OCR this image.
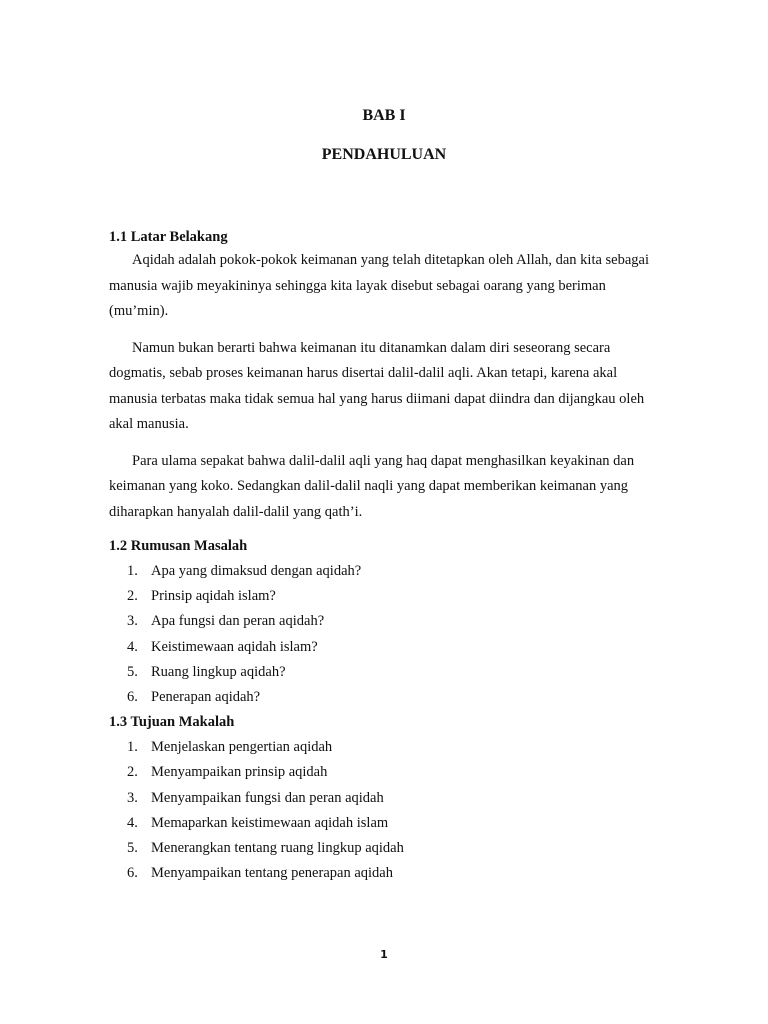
BAB I
PENDAHULUAN
1.1 Latar Belakang

Aqidah adalah pokok-pokok keimanan yang telah ditetapkan oleh Allah, dan kita sebagai manusia wajib meyakininya sehingga kita layak disebut sebagai oarang yang beriman (mu’min).

Namun bukan berarti bahwa keimanan itu ditanamkan dalam diri seseorang secara dogmatis, sebab proses keimanan harus disertai dalil-dalil aqli. Akan tetapi, karena akal manusia terbatas maka tidak semua hal yang harus diimani dapat diindra dan dijangkau oleh akal manusia.

Para ulama sepakat bahwa dalil-dalil aqli yang haq dapat menghasilkan keyakinan dan keimanan yang koko. Sedangkan dalil-dalil naqli yang dapat memberikan keimanan yang diharapkan hanyalah dalil-dalil yang qath’i.

1.2 Rumusan Masalah
1. Apa yang dimaksud dengan aqidah?
2. Prinsip aqidah islam?
3. Apa fungsi dan peran aqidah?
4. Keistimewaan aqidah islam?
5. Ruang lingkup aqidah?
6. Penerapan aqidah?
1.3 Tujuan Makalah
1. Menjelaskan pengertian aqidah
2. Menyampaikan prinsip aqidah
3. Menyampaikan fungsi dan peran aqidah
4. Memaparkan keistimewaan aqidah islam
5. Menerangkan tentang ruang lingkup aqidah
6. Menyampaikan tentang penerapan aqidah
1
